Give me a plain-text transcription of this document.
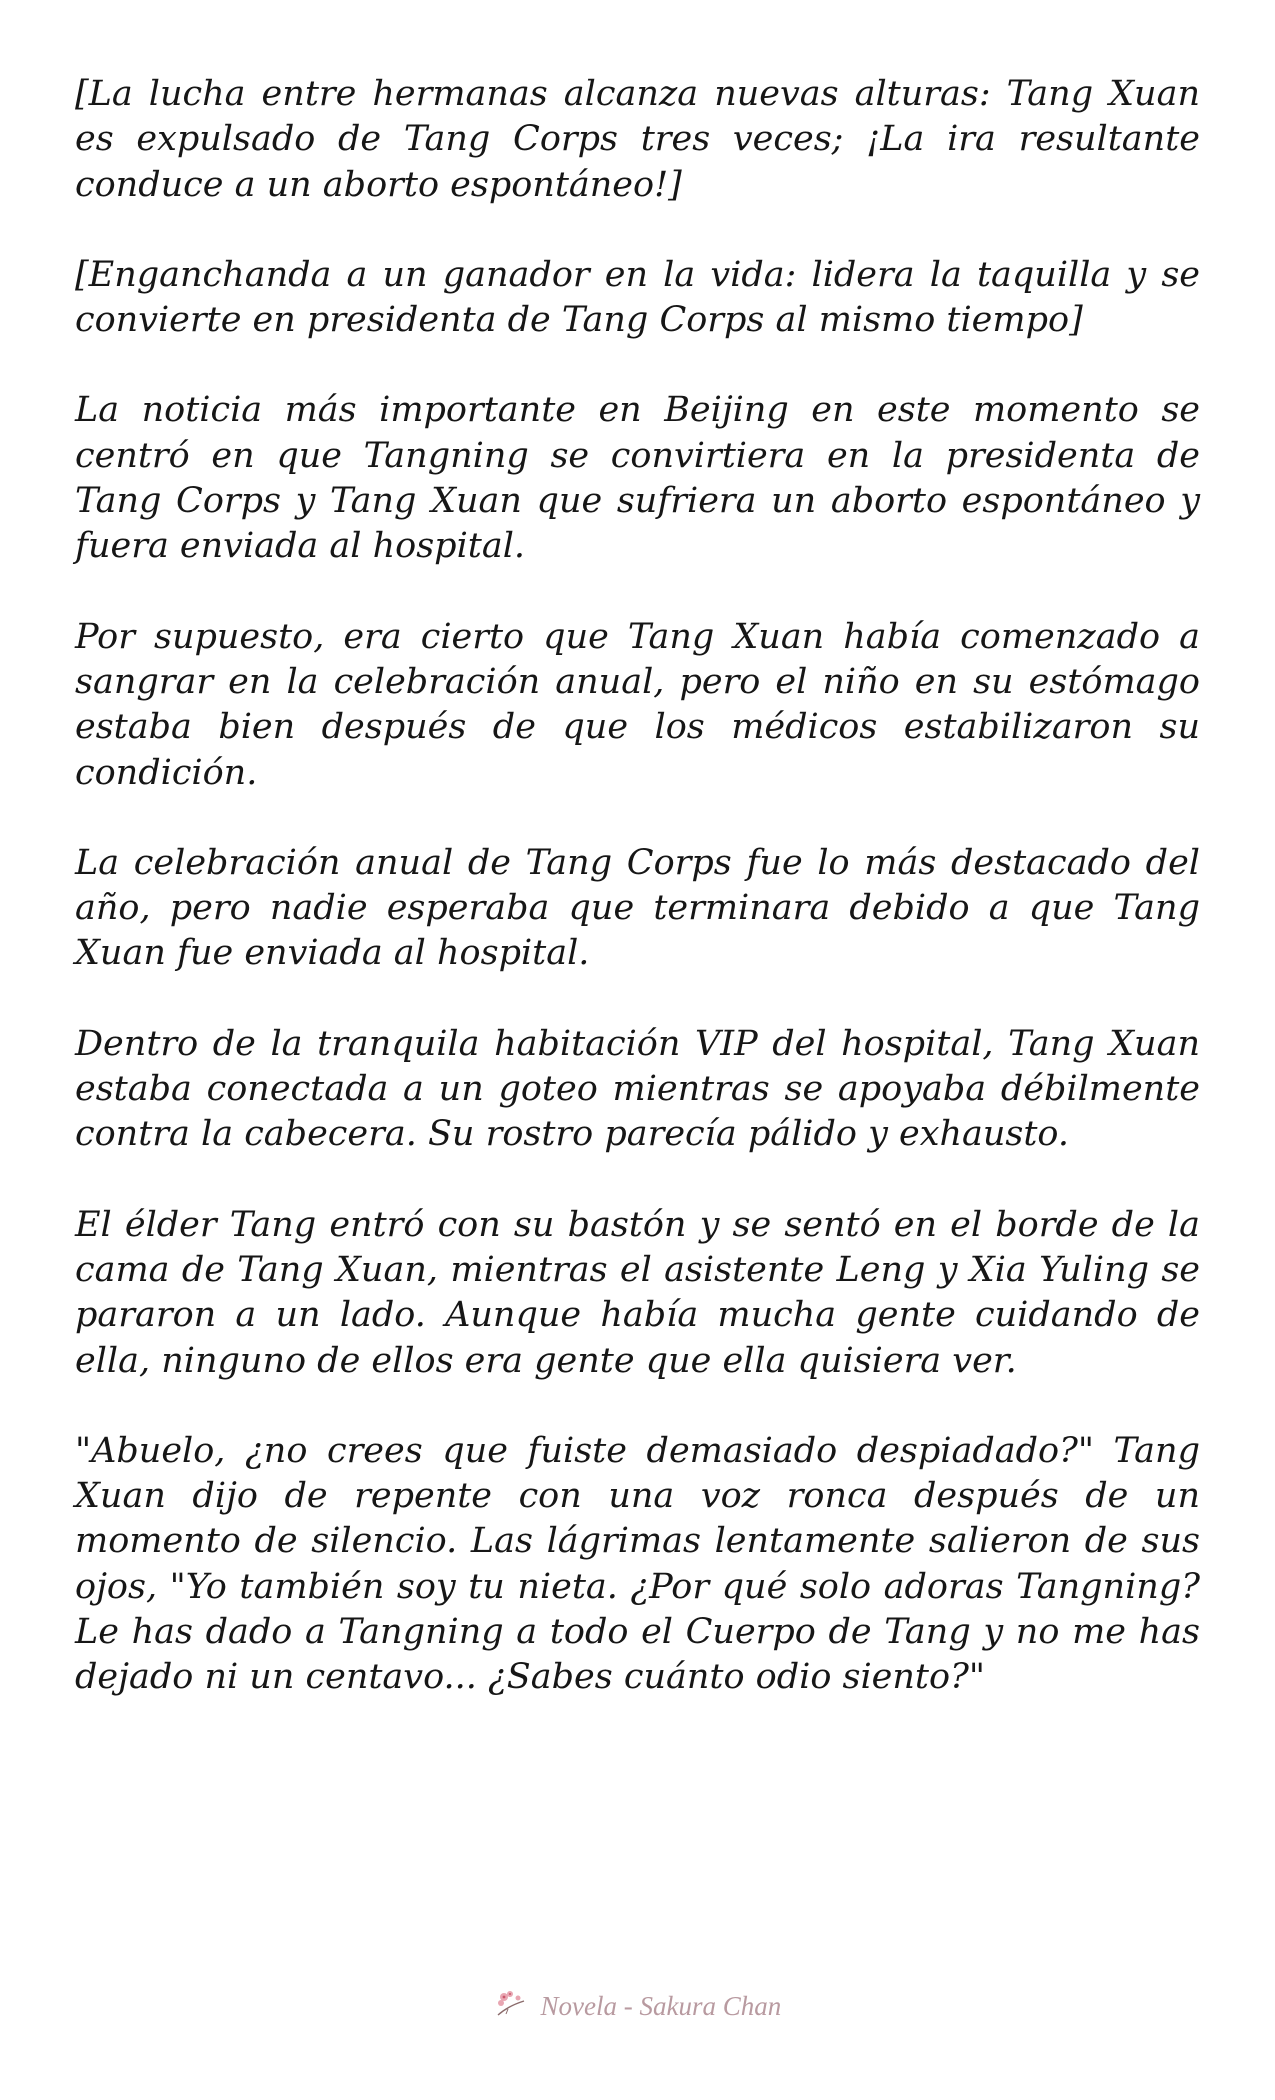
[La lucha entre hermanas alcanza nuevas alturas: Tang Xuan es expulsado de Tang Corps tres veces; ¡La ira resultante conduce a un aborto espontáneo!]

[Enganchanda a un ganador en la vida: lidera la taquilla y se convierte en presidenta de Tang Corps al mismo tiempo]

La noticia más importante en Beijing en este momento se centró en que Tangning se convirtiera en la presidenta de Tang Corps y Tang Xuan que sufriera un aborto espontáneo y fuera enviada al hospital.

Por supuesto, era cierto que Tang Xuan había comenzado a sangrar en la celebración anual, pero el niño en su estómago estaba bien después de que los médicos estabilizaron su condición.

La celebración anual de Tang Corps fue lo más destacado del año, pero nadie esperaba que terminara debido a que Tang Xuan fue enviada al hospital.

Dentro de la tranquila habitación VIP del hospital, Tang Xuan estaba conectada a un goteo mientras se apoyaba débilmente contra la cabecera. Su rostro parecía pálido y exhausto.

El élder Tang entró con su bastón y se sentó en el borde de la cama de Tang Xuan, mientras el asistente Leng y Xia Yuling se pararon a un lado. Aunque había mucha gente cuidando de ella, ninguno de ellos era gente que ella quisiera ver.

"Abuelo, ¿no crees que fuiste demasiado despiadado?" Tang Xuan dijo de repente con una voz ronca después de un momento de silencio. Las lágrimas lentamente salieron de sus ojos, "Yo también soy tu nieta. ¿Por qué solo adoras Tangning? Le has dado a Tangning a todo el Cuerpo de Tang y no me has dejado ni un centavo... ¿Sabes cuánto odio siento?"

Novela - Sakura Chan
